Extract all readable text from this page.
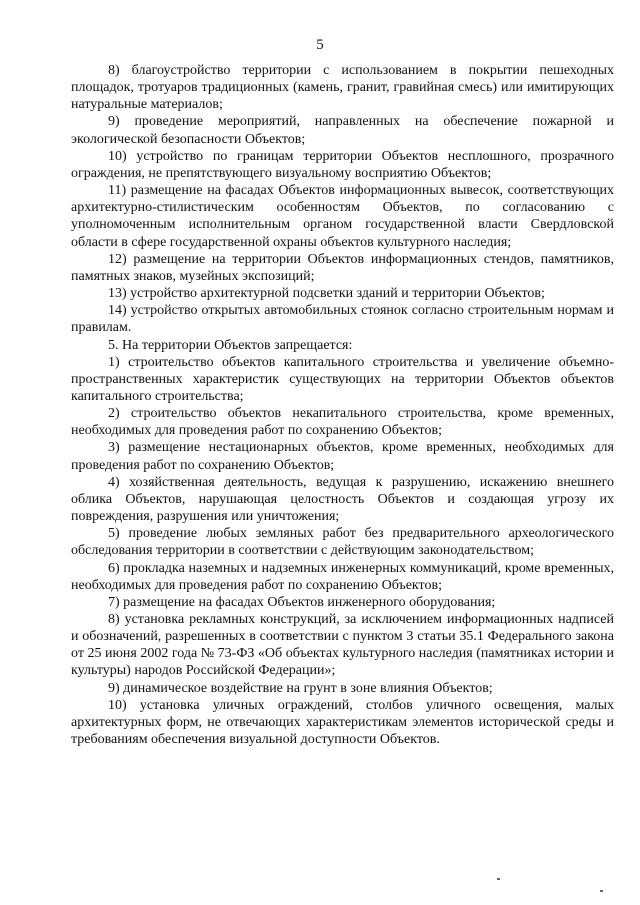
5

8) благоустройство территории с использованием в покрытии пешеходных площадок, тротуаров традиционных (камень, гранит, гравийная смесь) или имитирующих натуральные материалов;

9) проведение мероприятий, направленных на обеспечение пожарной и экологической безопасности Объектов;

10) устройство по границам территории Объектов несплошного, прозрачного ограждения, не препятствующего визуальному восприятию Объектов;

11) размещение на фасадах Объектов информационных вывесок, соответствующих архитектурно-стилистическим особенностям Объектов, по согласованию с уполномоченным исполнительным органом государственной власти Свердловской области в сфере государственной охраны объектов культурного наследия;

12) размещение на территории Объектов информационных стендов, памятников, памятных знаков, музейных экспозиций;

13) устройство архитектурной подсветки зданий и территории Объектов;

14) устройство открытых автомобильных стоянок согласно строительным нормам и правилам.

5. На территории Объектов запрещается:

1) строительство объектов капитального строительства и увеличение объемно-пространственных характеристик существующих на территории Объектов объектов капитального строительства;

2) строительство объектов некапитального строительства, кроме временных, необходимых для проведения работ по сохранению Объектов;

3) размещение нестационарных объектов, кроме временных, необходимых для проведения работ по сохранению Объектов;

4) хозяйственная деятельность, ведущая к разрушению, искажению внешнего облика Объектов, нарушающая целостность Объектов и создающая угрозу их повреждения, разрушения или уничтожения;

5) проведение любых земляных работ без предварительного археологического обследования территории в соответствии с действующим законодательством;

6) прокладка наземных и надземных инженерных коммуникаций, кроме временных, необходимых для проведения работ по сохранению Объектов;

7) размещение на фасадах Объектов инженерного оборудования;

8) установка рекламных конструкций, за исключением информационных надписей и обозначений, разрешенных в соответствии с пунктом 3 статьи 35.1 Федерального закона от 25 июня 2002 года № 73-ФЗ «Об объектах культурного наследия (памятниках истории и культуры) народов Российской Федерации»;

9) динамическое воздействие на грунт в зоне влияния Объектов;

10) установка уличных ограждений, столбов уличного освещения, малых архитектурных форм, не отвечающих характеристикам элементов исторической среды и требованиям обеспечения визуальной доступности Объектов.
